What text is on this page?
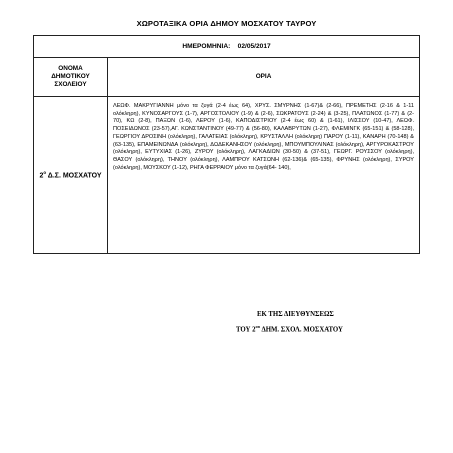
ΧΩΡΟΤΑΞΙΚΑ ΟΡΙΑ ΔΗΜΟΥ ΜΟΣΧΑΤΟΥ ΤΑΥΡΟΥ
ΗΜΕΡΟΜΗΝΙΑ: 02/05/2017	

ΟΝΟΜΑ
ΔΗΜΟΤΙΚΟΥ
ΣΧΟΛΕΙΟΥ	ΟΡΙΑ
$2^o$ Δ.Σ. ΜΟΣΧΑΤΟΥ	ΛΕΩΦ. ΜΑΚΡΥΓΙΑΝΝΗ μόνο τα ζυγά (2-4 έως 64), ΧΡΥΣ. ΣΜΥΡΝΗΣ (1-67)& (2-66), ΠΡΕΜΕΤΗΣ (2-16 & 1-11 ολόκληρη), ΚΥΝΟΣΑΡΓΟΥΣ (1-7), ΑΡΓΟΣΤΟΛΙΟΥ (1-9) & (2-6), ΣΩΚΡΑΤΟΥΣ (2-24) & (3-25), ΠΛΑΤΩΝΟΣ (1-77) & (2-70), ΚΩ (2-8), ΠΑΞΩΝ (1-6), ΛΕΡΟΥ (1-6), ΚΑΠΟΔΙΣΤΡΙΟΥ (2-4 έως 60) & (1-61), ΙΛΙΣΣΟΥ (10-47), ΛΕΩΦ. ΠΟΣΕΙΔΩΝΟΣ (23-57),ΑΓ. ΚΩΝΣΤΑΝΤΙΝΟΥ (49-77) & (56-80), ΚΑΛΑΒΡΥΤΩΝ (1-27), ΦΛΕΜΙΝΓΚ (65-151) & (58-128), ΓΕΩΡΓΙΟΥ ΔΡΟΣΙΝΗ (ολόκληρη), ΓΑΛΑΤΕΙΑΣ (ολόκληρη), ΚΡΥΣΤΑΛΛΗ (ολόκληρη) ΠΑΡΟΥ (1-11), ΚΑΝΑΡΗ (70-148) & (63-135), ΕΠΑΜΕΙΝΩΝΔΑ (ολόκληρη), ΔΩΔΕΚΑΝΗΣΟΥ (ολόκληρη), ΜΠΟΥΜΠΟΥΛΙΝΑΣ (ολόκληρη), ΑΡΓΥΡΟΚΑΣΤΡΟΥ (ολόκληρη), ΕΥΤΥΧΙΑΣ (1-26), ΖΥΡΟΥ (ολόκληρη), ΛΑΓΚΑΔΙΩΝ (30-50) & (37-51), ΓΕΩΡΓ. ΡΟΥΣΣΟΥ (ολόκληρη), ΘΑΣΟΥ (ολόκληρη), ΤΗΝΟΥ (ολόκληρη), ΛΑΜΠΡΟΥ ΚΑΤΣΩΝΗ (62-136)& (65-135), ΦΡΥΝΗΣ (ολόκληρη), ΣΥΡΟΥ (ολόκληρη), ΜΟΥΣΚΟΥ (1-12), ΡΗΓΑ ΦΕΡΡΑΙΟΥ μόνο τα ζυγά(64- 140),
ΕΚ ΤΗΣ ΔΙΕΥΘΥΝΣΕΩΣ
ΤΟΥ $2^{o\upsilon}$ ΔΗΜ. ΣΧΟΛ. ΜΟΣΧΑΤΟΥ
